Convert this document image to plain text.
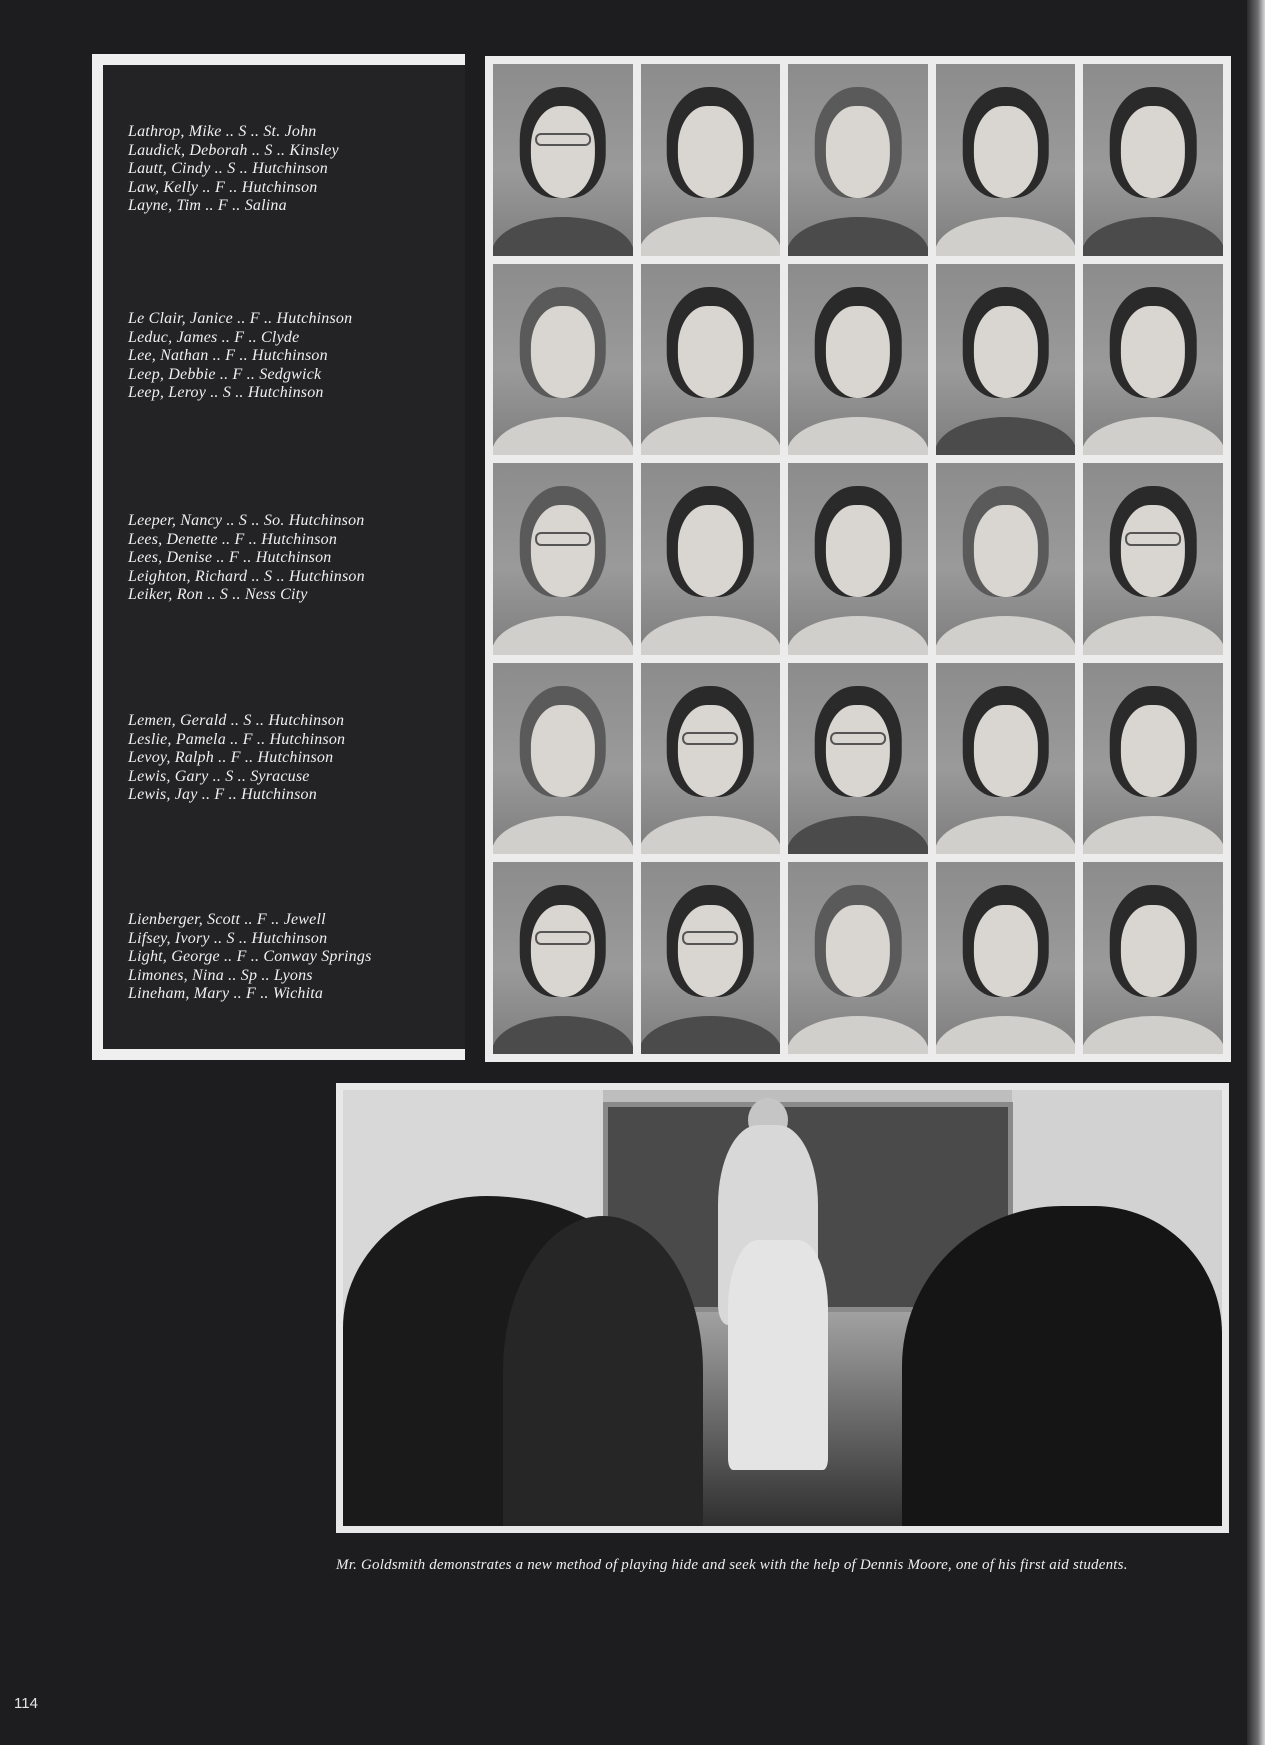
Lathrop, Mike .. S .. St. John
Laudick, Deborah .. S .. Kinsley
Lautt, Cindy .. S .. Hutchinson
Law, Kelly .. F .. Hutchinson
Layne, Tim .. F .. Salina
Le Clair, Janice .. F .. Hutchinson
Leduc, James .. F .. Clyde
Lee, Nathan .. F .. Hutchinson
Leep, Debbie .. F .. Sedgwick
Leep, Leroy .. S .. Hutchinson
Leeper, Nancy .. S .. So. Hutchinson
Lees, Denette .. F .. Hutchinson
Lees, Denise .. F .. Hutchinson
Leighton, Richard .. S .. Hutchinson
Leiker, Ron .. S .. Ness City
Lemen, Gerald .. S .. Hutchinson
Leslie, Pamela .. F .. Hutchinson
Levoy, Ralph .. F .. Hutchinson
Lewis, Gary .. S .. Syracuse
Lewis, Jay .. F .. Hutchinson
Lienberger, Scott .. F .. Jewell
Lifsey, Ivory .. S .. Hutchinson
Light, George .. F .. Conway Springs
Limones, Nina .. Sp .. Lyons
Lineham, Mary .. F .. Wichita
Mr. Goldsmith demonstrates a new method of playing hide and seek with the help of Dennis Moore, one of his first aid students.
114
